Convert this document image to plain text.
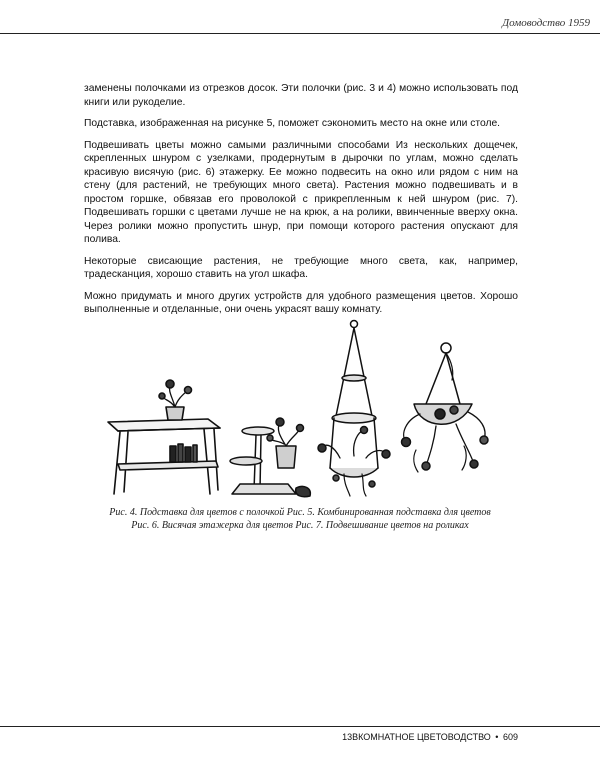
Домоводство 1959

заменены полочками из отрезков досок. Эти полочки (рис. 3 и 4) можно использовать под книги или рукоделие.

Подставка, изображенная на рисунке 5, поможет сэкономить место на окне или столе.

Подвешивать цветы можно самыми различными способами Из нескольких дощечек, скрепленных шнуром с узелками, продернутым в дырочки по углам, можно сделать красивую висячую (рис. 6) этажерку. Ее можно подвесить на окно или рядом с ним на стену (для растений, не требующих много света). Растения можно подвешивать и в простом горшке, обвязав его проволокой с прикрепленным к ней шнуром (рис. 7). Подвешивать горшки с цветами лучше не на крюк, а на ролики, ввинченные вверху окна. Через ролики можно пропустить шнур, при помощи которого растения опускают для полива.

Некоторые свисающие растения, не требующие много света, как, например, традесканция, хорошо ставить на угол шкафа.

Можно придумать и много других устройств для удобного размещения цветов. Хорошо выполненные и отделанные, они очень украсят вашу комнату.

Рис. 4. Подставка для цветов с полочкой Рис. 5. Комбинированная подставка для цветов
Рис. 6. Висячая этажерка для цветов Рис. 7. Подвешивание цветов на роликах
13ВКОМНАТНОЕ ЦВЕТОВОДСТВО • 609
